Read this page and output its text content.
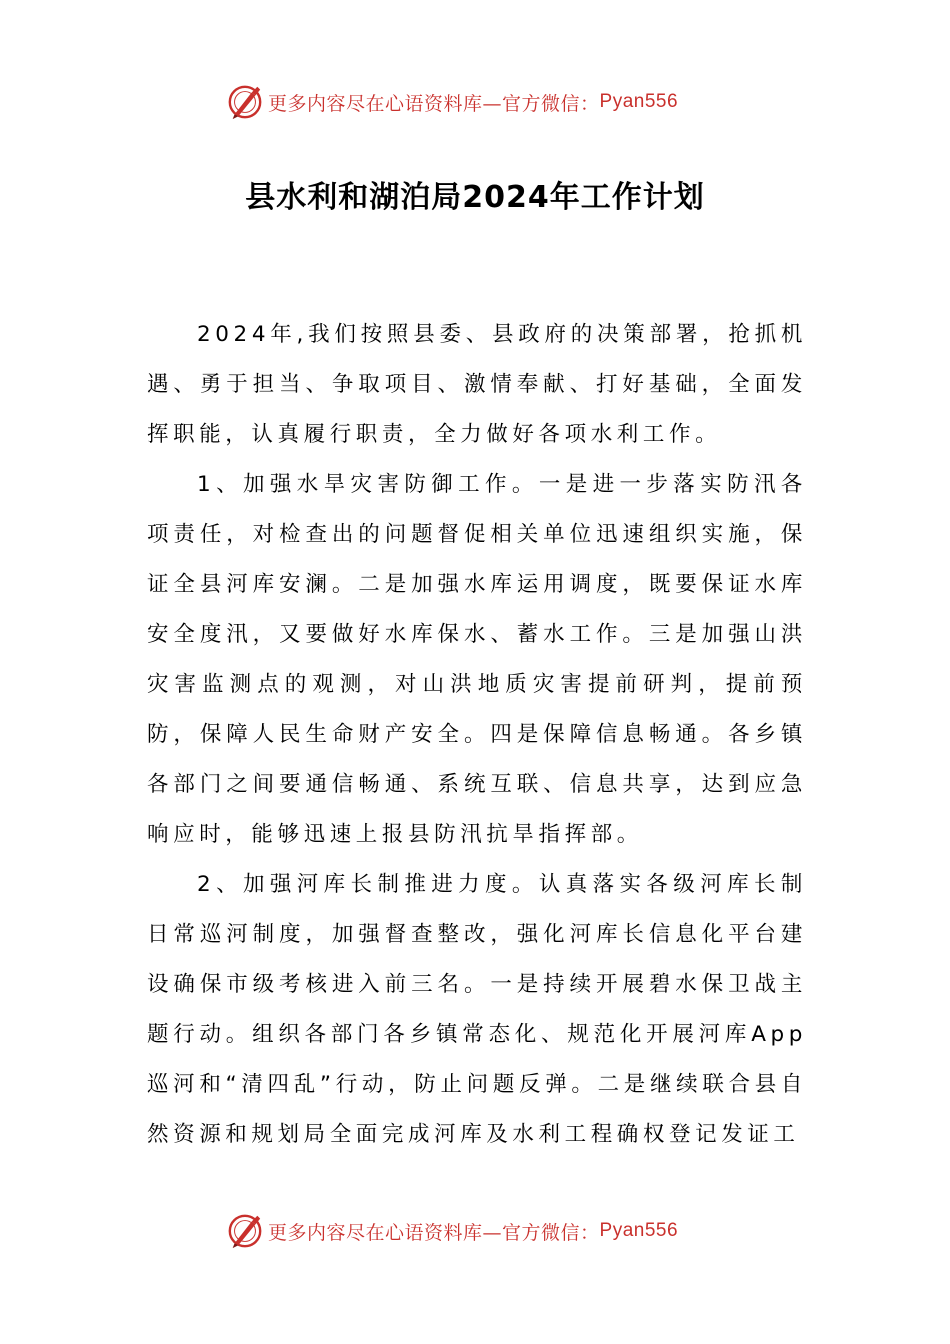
更多内容尽在心语资料库—官方微信： Pyan556
县水利和湖泊局2024年工作计划

2024年,我们按照县委、县政府的决策部署，抢抓机遇、勇于担当、争取项目、激情奉献、打好基础，全面发挥职能，认真履行职责，全力做好各项水利工作。

1、加强水旱灾害防御工作。一是进一步落实防汛各项责任，对检查出的问题督促相关单位迅速组织实施，保证全县河库安澜。二是加强水库运用调度，既要保证水库安全度汛，又要做好水库保水、蓄水工作。三是加强山洪灾害监测点的观测，对山洪地质灾害提前研判，提前预防，保障人民生命财产安全。四是保障信息畅通。各乡镇各部门之间要通信畅通、系统互联、信息共享，达到应急响应时，能够迅速上报县防汛抗旱指挥部。

2、加强河库长制推进力度。认真落实各级河库长制日常巡河制度，加强督查整改，强化河库长信息化平台建设确保市级考核进入前三名。一是持续开展碧水保卫战主题行动。组织各部门各乡镇常态化、规范化开展河库App巡河和“清四乱”行动，防止问题反弹。二是继续联合县自然资源和规划局全面完成河库及水利工程确权登记发证工

更多内容尽在心语资料库—官方微信： Pyan556
